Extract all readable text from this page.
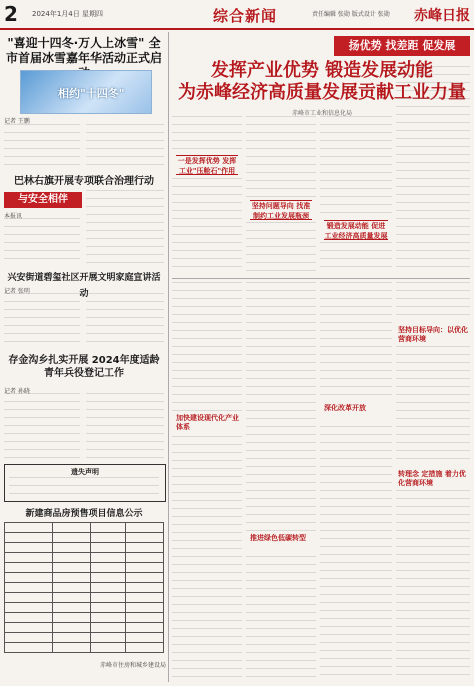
2 2024年1月4日 星期四	综合新闻	责任编辑 张勋 版式设计 张勋 赤峰日报
"喜迎十四冬·万人上冰雪" 全市首届冰雪嘉年华活动正式启
相约"十四冬"
记者 王鹏
巴林右旗开展专项联合治理行动
与安全相伴
本报讯
兴安街道碧玺社区开展文明家庭宣讲活动
记者 张明
存金沟乡扎实开展 2024年度适龄青年兵役登记工作
记者 孙晓
遗失声明
新建商品房预售项目信息公示

赤峰市住房和城乡建设局
扬优势 找差距 促发展
发挥产业优势 锻造发展动能
为赤峰经济高质量发展贡献工业力量
赤峰市工业和信息化局
一是发挥优势 发挥工业"压舱石"作用
坚持问题导向 找准制约工业发展瓶颈
锻造发展动能 促进工业经济高质量发展
加快建设现代化产业体系
推进绿色低碳转型
深化改革开放
坚持目标导向：以优化营商环境
转理念 定措施 着力优化营商环境
